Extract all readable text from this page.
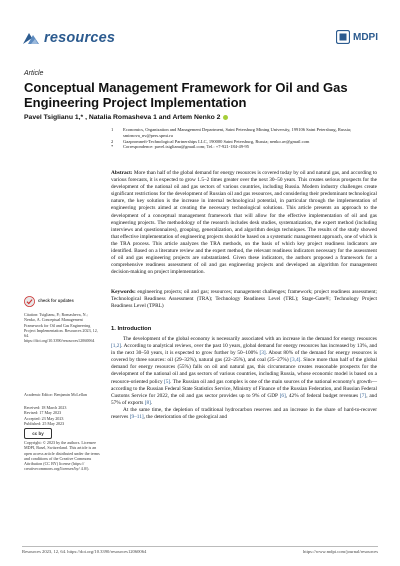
resources	MDPI
Article
Conceptual Management Framework for Oil and Gas Engineering Project Implementation
Pavel Tsiglianu 1,* , Natalia Romasheva 1 and Artem Nenko 2
1	Economics, Organization and Management Department, Saint Petersburg Mining University, 199106 Saint Petersburg, Russia; smirnova_nv@pers.spmi.ru
2	Gazpromneft-Technological Partnerships LLC, 190000 Saint Petersburg, Russia; nenko.av@gmail.com
*	Correspondence: pavel.tsiglianu@gmail.com; Tel.: +7-921-184-49-95
Abstract: More than half of the global demand for energy resources is covered today by oil and natural gas, and according to various forecasts, it is expected to grow 1.5–2 times greater over the next 30–50 years. This creates serious prospects for the development of the national oil and gas sectors of various countries, including Russia. Modern industry challenges create significant restrictions for the development of Russian oil and gas resources, and considering their predominant technological nature, the key solution is the increase in internal technological potential, in particular through the implementation of engineering projects aimed at creating the necessary technological solutions. This article presents an approach to the development of a conceptual management framework that will allow for the effective implementation of oil and gas engineering projects. The methodology of the research includes desk studies, systematization, the expert method (including interviews and questionnaires), grouping, generalization, and algorithm design techniques. The results of the study showed that effective implementation of engineering projects should be based on a systematic management approach, one of which is the TRA process. This article analyzes the TRA methods, on the basis of which key project readiness indicators are identified. Based on a literature review and the expert method, the relevant readiness indicators necessary for the assessment of oil and gas engineering projects are substantiated. Given these indicators, the authors proposed a framework for a comprehensive readiness assessment of oil and gas engineering projects and developed an algorithm for management decision-making on project implementation.
Keywords: engineering projects; oil and gas; resources; management challenges; framework; project readiness assessment; Technological Readiness Assessment (TRA); Technology Readiness Level (TRL); Stage-Gate®; Technology Project Readiness Level (TPRL)
check for updates
Citation: Tsiglianu, P.; Romasheva, N.; Nenko, A. Conceptual Management Framework for Oil and Gas Engineering Project Implementation. Resources 2023, 12, 64. https://doi.org/10.3390/resources12060064
Academic Editor: Benjamin McLellan
Received: 18 March 2023
Revised: 17 May 2023
Accepted: 23 May 2023
Published: 25 May 2023
cc by
Copyright: © 2023 by the authors. Licensee MDPI, Basel, Switzerland. This article is an open access article distributed under the terms and conditions of the Creative Commons Attribution (CC BY) license (https:// creativecommons.org/licenses/by/ 4.0/).
1. Introduction

The development of the global economy is necessarily associated with an increase in the demand for energy resources [1,2]. According to analytical reviews, over the past 10 years, global demand for energy resources has increased by 13%, and in the next 30–50 years, it is expected to grow further by 50–100% [3]. About 80% of the demand for energy resources is covered by three sources: oil (29–32%), natural gas (22–25%), and coal (25–27%) [3,4]. Since more than half of the global demand for energy resources (55%) falls on oil and natural gas, this circumstance creates reasonable prospects for the development of the national oil and gas sectors of various countries, including Russia, whose economic model is based on a resource-oriented policy [5]. The Russian oil and gas complex is one of the main sources of the national economy's growth—according to the Russian Federal State Statistics Service, Ministry of Finance of the Russian Federation, and Russian Federal Customs Service for 2022, the oil and gas sector provides up to 9% of GDP [6], 42% of federal budget revenues [7], and 57% of exports [8].

At the same time, the depletion of traditional hydrocarbon reserves and an increase in the share of hard-to-recover reserves [9–11], the deterioration of the geological and

Resources 2023, 12, 64. https://doi.org/10.3390/resources12060064	https://www.mdpi.com/journal/resources
